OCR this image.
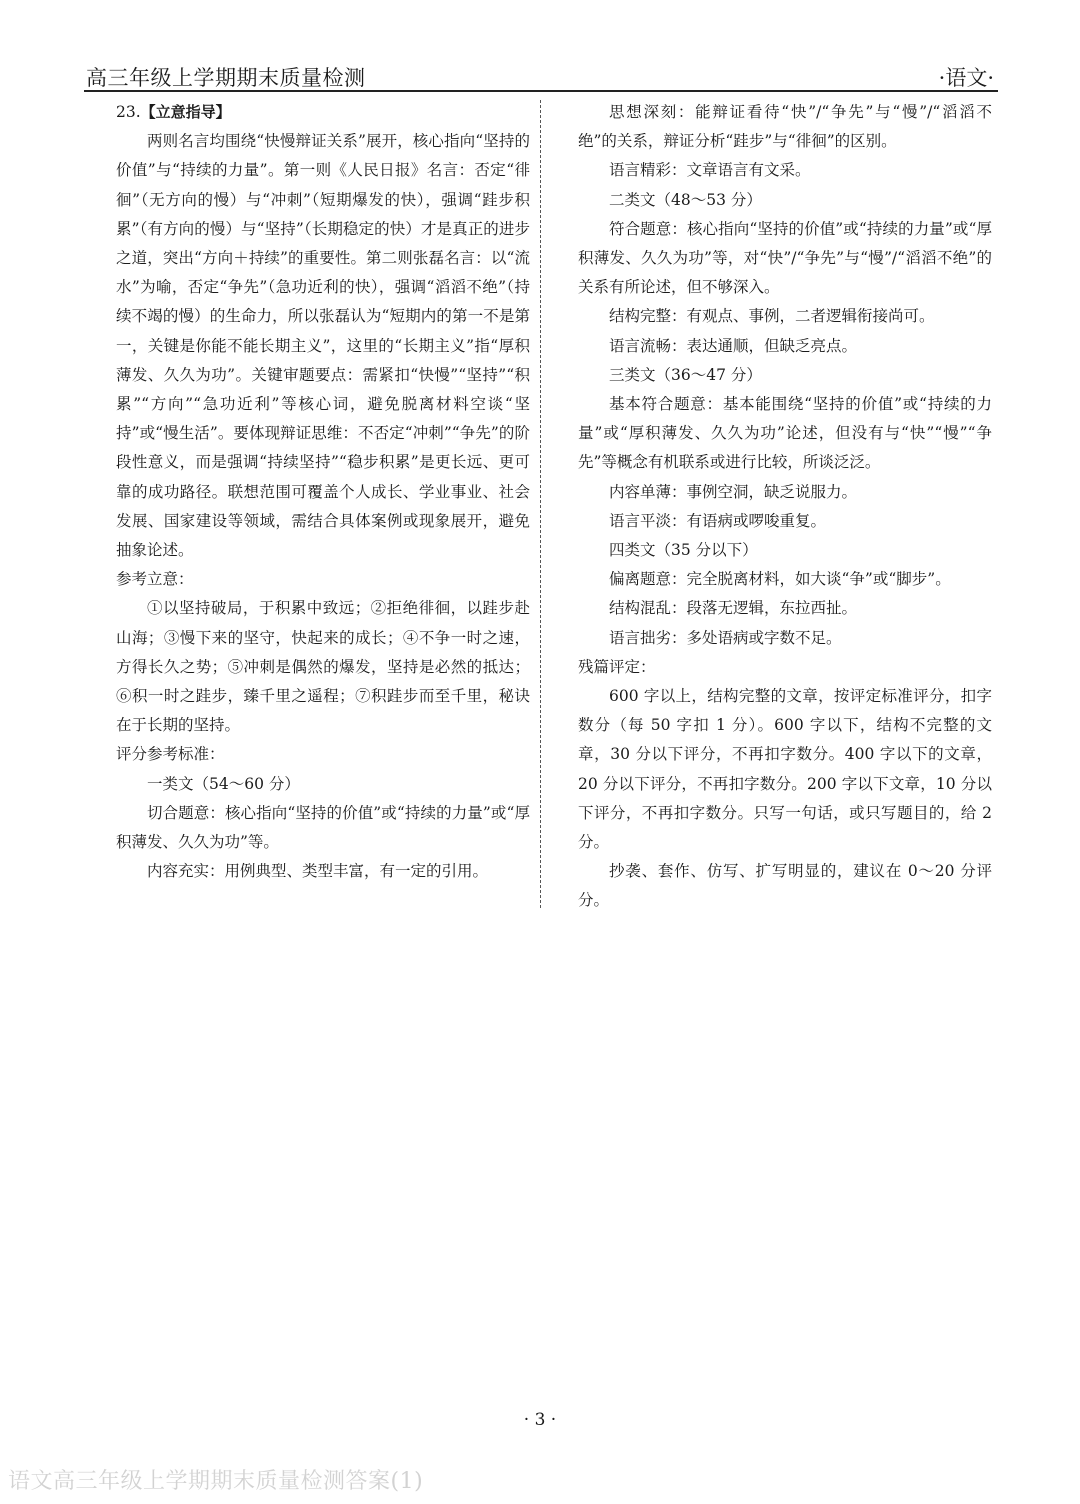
高三年级上学期期末质量检测	·语文·

23.【立意指导】

两则名言均围绕“快慢辩证关系”展开，核心指向“坚持的价值”与“持续的力量”。第一则《人民日报》名言：否定“徘徊”（无方向的慢）与“冲刺”（短期爆发的快），强调“跬步积累”（有方向的慢）与“坚持”（长期稳定的快）才是真正的进步之道，突出“方向＋持续”的重要性。第二则张磊名言：以“流水”为喻，否定“争先”（急功近利的快），强调“滔滔不绝”（持续不竭的慢）的生命力，所以张磊认为“短期内的第一不是第一，关键是你能不能长期主义”，这里的“长期主义”指“厚积薄发、久久为功”。关键审题要点：需紧扣“快慢”“坚持”“积累”“方向”“急功近利”等核心词，避免脱离材料空谈“坚持”或“慢生活”。要体现辩证思维：不否定“冲刺”“争先”的阶段性意义，而是强调“持续坚持”“稳步积累”是更长远、更可靠的成功路径。联想范围可覆盖个人成长、学业事业、社会发展、国家建设等领域，需结合具体案例或现象展开，避免抽象论述。

参考立意：

①以坚持破局，于积累中致远；②拒绝徘徊，以跬步赴山海；③慢下来的坚守，快起来的成长；④不争一时之速，方得长久之势；⑤冲刺是偶然的爆发，坚持是必然的抵达；⑥积一时之跬步，臻千里之遥程；⑦积跬步而至千里，秘诀在于长期的坚持。

评分参考标准：

一类文（54～60 分）

切合题意：核心指向“坚持的价值”或“持续的力量”或“厚积薄发、久久为功”等。

内容充实：用例典型、类型丰富，有一定的引用。

思想深刻：能辩证看待“快”/“争先”与“慢”/“滔滔不绝”的关系，辩证分析“跬步”与“徘徊”的区别。

语言精彩：文章语言有文采。

二类文（48～53 分）

符合题意：核心指向“坚持的价值”或“持续的力量”或“厚积薄发、久久为功”等，对“快”/“争先”与“慢”/“滔滔不绝”的关系有所论述，但不够深入。

结构完整：有观点、事例，二者逻辑衔接尚可。

语言流畅：表达通顺，但缺乏亮点。

三类文（36～47 分）

基本符合题意：基本能围绕“坚持的价值”或“持续的力量”或“厚积薄发、久久为功”论述，但没有与“快”“慢”“争先”等概念有机联系或进行比较，所谈泛泛。

内容单薄：事例空洞，缺乏说服力。

语言平淡：有语病或啰唆重复。

四类文（35 分以下）

偏离题意：完全脱离材料，如大谈“争”或“脚步”。

结构混乱：段落无逻辑，东拉西扯。

语言拙劣：多处语病或字数不足。

残篇评定：

600 字以上，结构完整的文章，按评定标准评分，扣字数分（每 50 字扣 1 分）。600 字以下，结构不完整的文章，30 分以下评分，不再扣字数分。400 字以下的文章，20 分以下评分，不再扣字数分。200 字以下文章，10 分以下评分，不再扣字数分。只写一句话，或只写题目的，给 2 分。

抄袭、套作、仿写、扩写明显的，建议在 0～20 分评分。

· 3 ·
语文高三年级上学期期末质量检测答案(1)
